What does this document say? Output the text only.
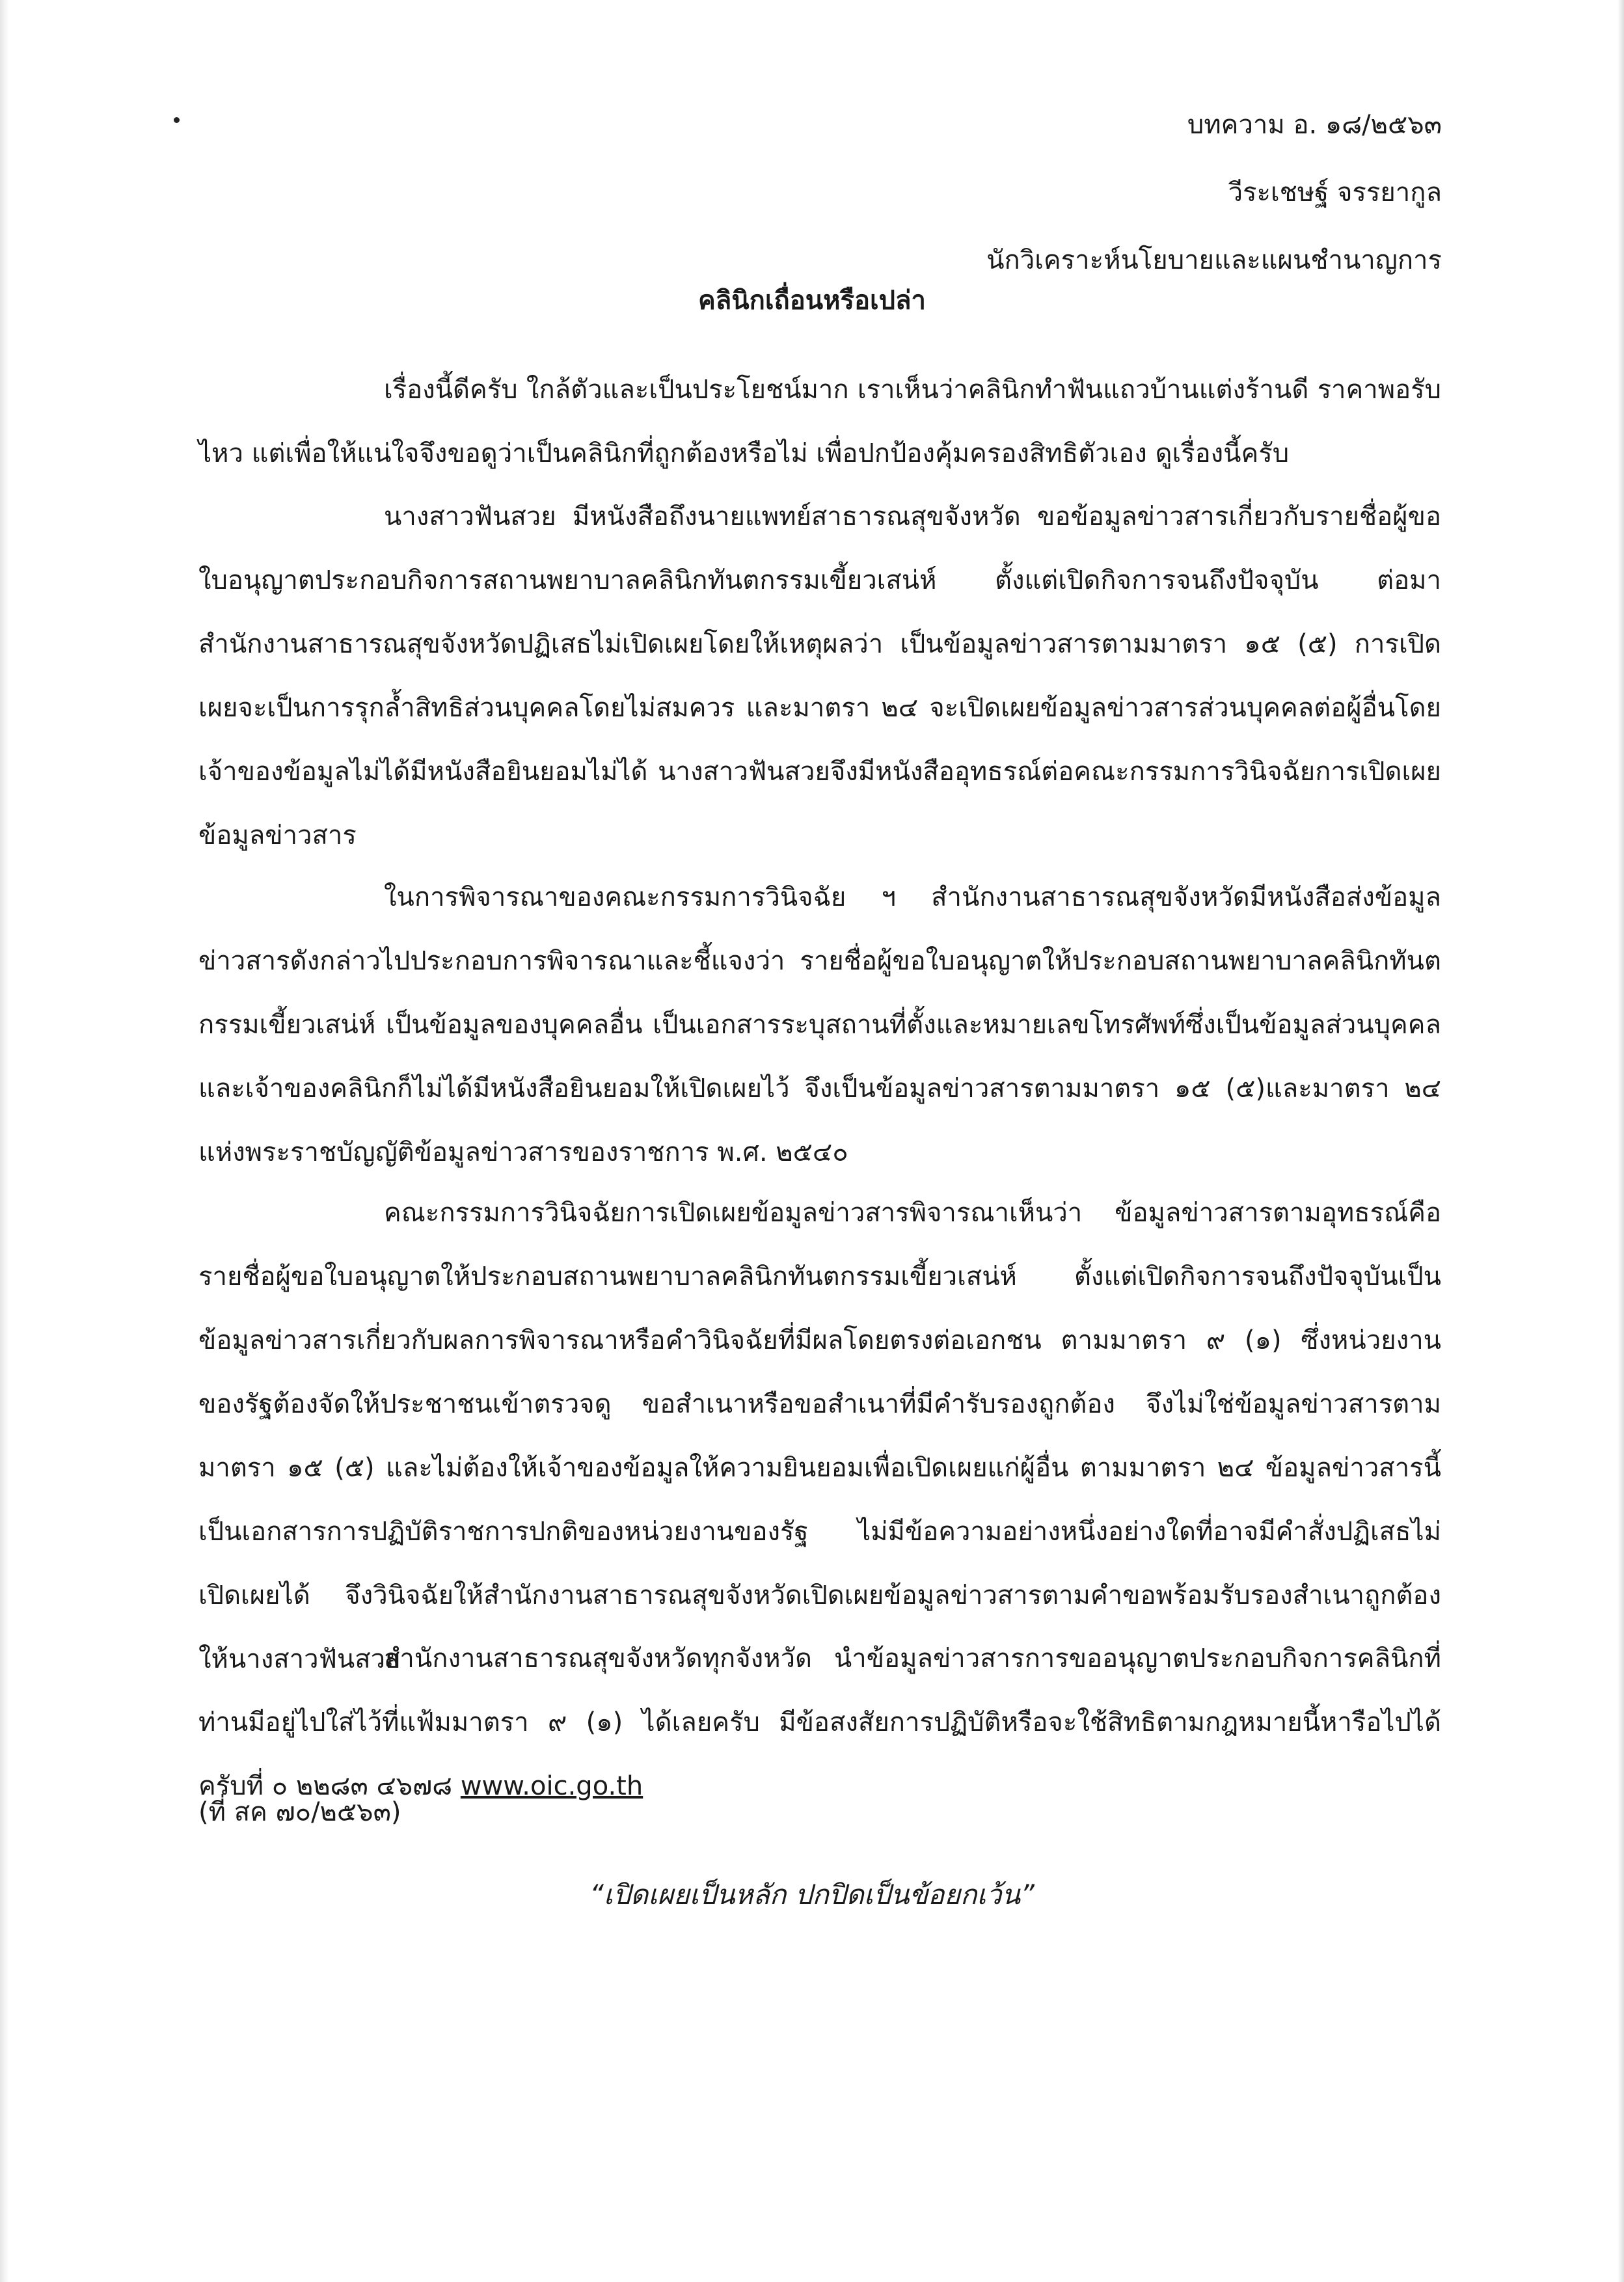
บทความ อ. ๑๘/๒๕๖๓
วีระเชษฐ์ จรรยากูล
นักวิเคราะห์นโยบายและแผนชำนาญการ
คลินิกเถื่อนหรือเปล่า

เรื่องนี้ดีครับ ใกล้ตัวและเป็นประโยชน์มาก เราเห็นว่าคลินิกทำฟันแถวบ้านแต่งร้านดี ราคาพอรับไหว แต่เพื่อให้แน่ใจจึงขอดูว่าเป็นคลินิกที่ถูกต้องหรือไม่ เพื่อปกป้องคุ้มครองสิทธิตัวเอง ดูเรื่องนี้ครับ

นางสาวฟันสวย มีหนังสือถึงนายแพทย์สาธารณสุขจังหวัด ขอข้อมูลข่าวสารเกี่ยวกับรายชื่อผู้ขอใบอนุญาตประกอบกิจการสถานพยาบาลคลินิกทันตกรรมเขี้ยวเสน่ห์ ตั้งแต่เปิดกิจการจนถึงปัจจุบัน ต่อมาสำนักงานสาธารณสุขจังหวัดปฏิเสธไม่เปิดเผยโดยให้เหตุผลว่า เป็นข้อมูลข่าวสารตามมาตรา ๑๕ (๕) การเปิดเผยจะเป็นการรุกล้ำสิทธิส่วนบุคคลโดยไม่สมควร และมาตรา ๒๔ จะเปิดเผยข้อมูลข่าวสารส่วนบุคคลต่อผู้อื่นโดยเจ้าของข้อมูลไม่ได้มีหนังสือยินยอมไม่ได้ นางสาวฟันสวยจึงมีหนังสืออุทธรณ์ต่อคณะกรรมการวินิจฉัยการเปิดเผยข้อมูลข่าวสาร

ในการพิจารณาของคณะกรรมการวินิจฉัย ฯ สำนักงานสาธารณสุขจังหวัดมีหนังสือส่งข้อมูลข่าวสารดังกล่าวไปประกอบการพิจารณาและชี้แจงว่า รายชื่อผู้ขอใบอนุญาตให้ประกอบสถานพยาบาลคลินิกทันตกรรมเขี้ยวเสน่ห์ เป็นข้อมูลของบุคคลอื่น เป็นเอกสารระบุสถานที่ตั้งและหมายเลขโทรศัพท์ซึ่งเป็นข้อมูลส่วนบุคคล และเจ้าของคลินิกก็ไม่ได้มีหนังสือยินยอมให้เปิดเผยไว้ จึงเป็นข้อมูลข่าวสารตามมาตรา ๑๕ (๕)และมาตรา ๒๔ แห่งพระราชบัญญัติข้อมูลข่าวสารของราชการ พ.ศ. ๒๕๔๐

คณะกรรมการวินิจฉัยการเปิดเผยข้อมูลข่าวสารพิจารณาเห็นว่า ข้อมูลข่าวสารตามอุทธรณ์คือรายชื่อผู้ขอใบอนุญาตให้ประกอบสถานพยาบาลคลินิกทันตกรรมเขี้ยวเสน่ห์ ตั้งแต่เปิดกิจการจนถึงปัจจุบันเป็นข้อมูลข่าวสารเกี่ยวกับผลการพิจารณาหรือคำวินิจฉัยที่มีผลโดยตรงต่อเอกชน ตามมาตรา ๙ (๑) ซึ่งหน่วยงานของรัฐต้องจัดให้ประชาชนเข้าตรวจดู ขอสำเนาหรือขอสำเนาที่มีคำรับรองถูกต้อง จึงไม่ใช่ข้อมูลข่าวสารตามมาตรา ๑๕ (๕) และไม่ต้องให้เจ้าของข้อมูลให้ความยินยอมเพื่อเปิดเผยแก่ผู้อื่น ตามมาตรา ๒๔ ข้อมูลข่าวสารนี้เป็นเอกสารการปฏิบัติราชการปกติของหน่วยงานของรัฐ ไม่มีข้อความอย่างหนึ่งอย่างใดที่อาจมีคำสั่งปฏิเสธไม่เปิดเผยได้ จึงวินิจฉัยให้สำนักงานสาธารณสุขจังหวัดเปิดเผยข้อมูลข่าวสารตามคำขอพร้อมรับรองสำเนาถูกต้องให้นางสาวฟันสวย

สำนักงานสาธารณสุขจังหวัดทุกจังหวัด นำข้อมูลข่าวสารการขออนุญาตประกอบกิจการคลินิกที่ท่านมีอยู่ไปใส่ไว้ที่แฟ้มมาตรา ๙ (๑) ได้เลยครับ มีข้อสงสัยการปฏิบัติหรือจะใช้สิทธิตามกฎหมายนี้หารือไปได้ครับที่ ๐ ๒๒๘๓ ๔๖๗๘ www.oic.go.th

(ที่ สค ๗๐/๒๕๖๓)
“เปิดเผยเป็นหลัก ปกปิดเป็นข้อยกเว้น”
